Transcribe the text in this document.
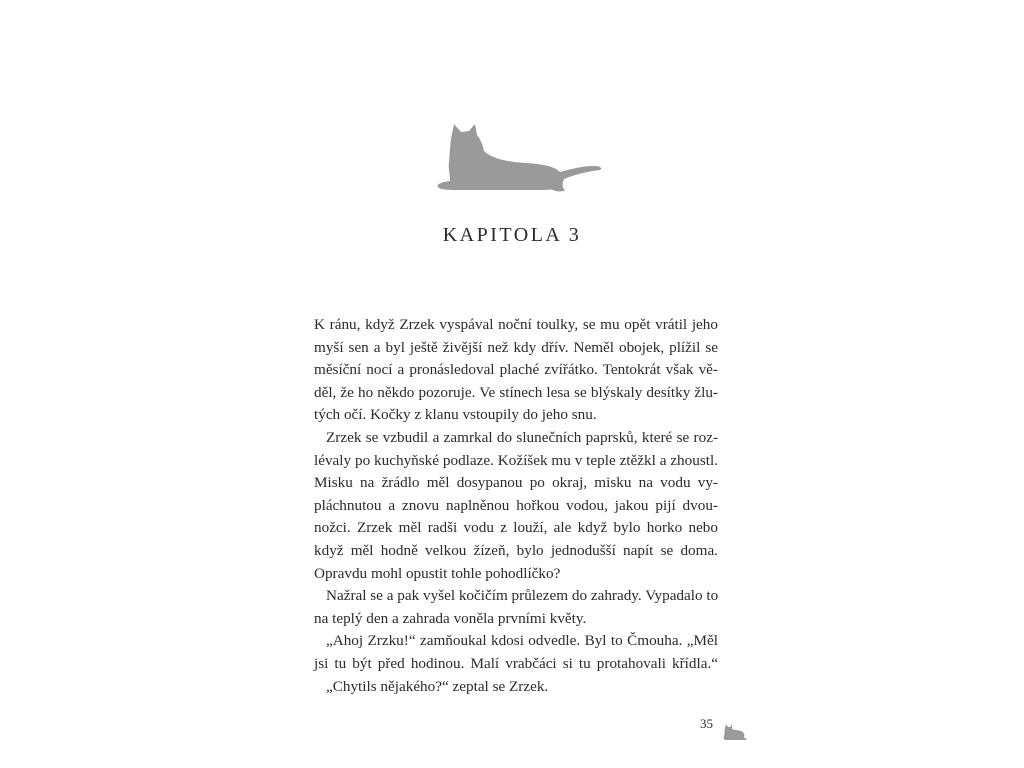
KAPITOLA 3
K ránu, když Zrzek vyspával noční toulky, se mu opět vrátil jeho
myší sen a byl ještě živější než kdy dřív. Neměl obojek, plížil se
měsíční nocí a pronásledoval plaché zvířátko. Tentokrát však vě-
děl, že ho někdo pozoruje. Ve stínech lesa se blýskaly desítky žlu-
tých očí. Kočky z klanu vstoupily do jeho snu.
Zrzek se vzbudil a zamrkal do slunečních paprsků, které se roz-
lévaly po kuchyňské podlaze. Kožíšek mu v teple ztěžkl a zhoustl.
Misku na žrádlo měl dosypanou po okraj, misku na vodu vy-
pláchnutou a znovu naplněnou hořkou vodou, jakou pijí dvou-
nožci. Zrzek měl radši vodu z louží, ale když bylo horko nebo
když měl hodně velkou žízeň, bylo jednodušší napít se doma.
Opravdu mohl opustit tohle pohodlíčko?
Nažral se a pak vyšel kočičím průlezem do zahrady. Vypadalo to
na teplý den a zahrada voněla prvními květy.
„Ahoj Zrzku!“ zamňoukal kdosi odvedle. Byl to Čmouha. „Měl
jsi tu být před hodinou. Malí vrabčáci si tu protahovali křídla.“
„Chytils nějakého?“ zeptal se Zrzek.
35
